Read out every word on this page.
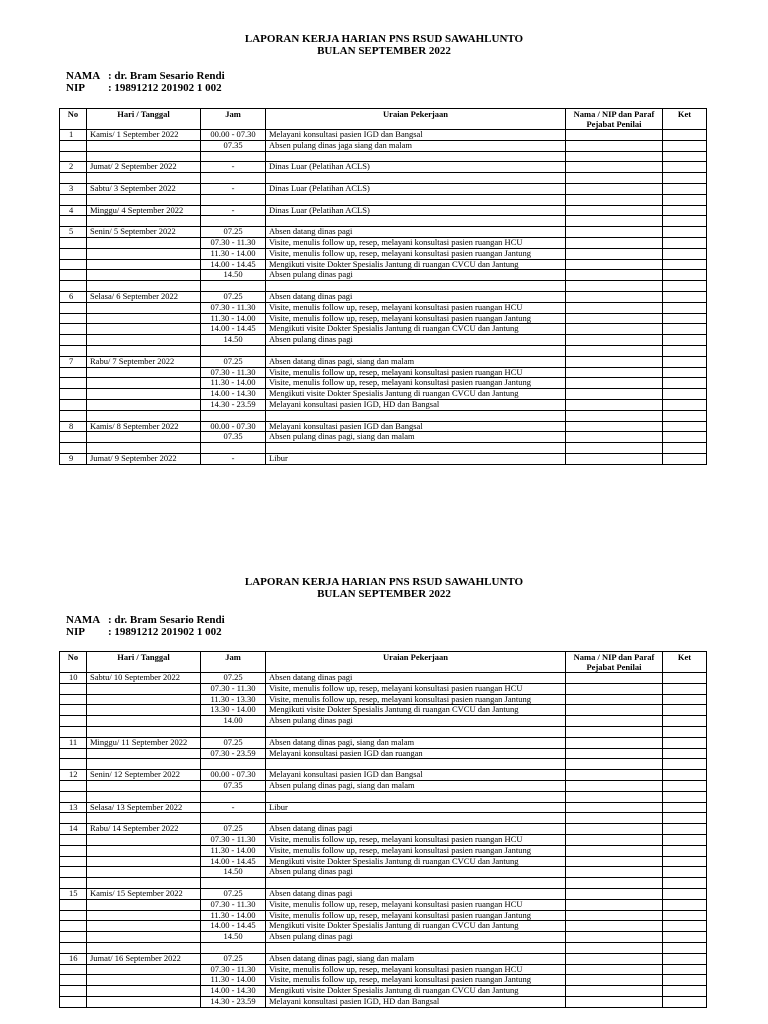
LAPORAN KERJA HARIAN PNS RSUD SAWAHLUNTO
BULAN SEPTEMBER 2022
NAMA : dr. Bram Sesario Rendi
NIP : 19891212 201902 1 002
No	Hari / Tanggal	Jam	Uraian Pekerjaan	Nama / NIP dan Paraf Pejabat Penilai	Ket
1	Kamis/ 1 September 2022	00.00 - 07.30	Melayani konsultasi pasien IGD dan Bangsal		
		07.35	Absen pulang dinas jaga siang dan malam		

2	Jumat/ 2 September 2022	-	Dinas Luar (Pelatihan ACLS)		

3	Sabtu/ 3 September 2022	-	Dinas Luar (Pelatihan ACLS)		

4	Minggu/ 4 September 2022	-	Dinas Luar (Pelatihan ACLS)		

5	Senin/ 5 September 2022	07.25	Absen datang dinas pagi		
		07.30 - 11.30	Visite, menulis follow up, resep, melayani konsultasi pasien ruangan HCU		
		11.30 - 14.00	Visite, menulis follow up, resep, melayani konsultasi pasien ruangan Jantung		
		14.00 - 14.45	Mengikuti visite Dokter Spesialis Jantung di ruangan CVCU dan Jantung		
		14.50	Absen pulang dinas pagi		

6	Selasa/ 6 September 2022	07.25	Absen datang dinas pagi		
		07.30 - 11.30	Visite, menulis follow up, resep, melayani konsultasi pasien ruangan HCU		
		11.30 - 14.00	Visite, menulis follow up, resep, melayani konsultasi pasien ruangan Jantung		
		14.00 - 14.45	Mengikuti visite Dokter Spesialis Jantung di ruangan CVCU dan Jantung		
		14.50	Absen pulang dinas pagi		

7	Rabu/ 7 September 2022	07.25	Absen datang dinas pagi, siang dan malam		
		07.30 - 11.30	Visite, menulis follow up, resep, melayani konsultasi pasien ruangan HCU		
		11.30 - 14.00	Visite, menulis follow up, resep, melayani konsultasi pasien ruangan Jantung		
		14.00 - 14.30	Mengikuti visite Dokter Spesialis Jantung di ruangan CVCU dan Jantung		
		14.30 - 23.59	Melayani konsultasi pasien IGD, HD dan Bangsal		

8	Kamis/ 8 September 2022	00.00 - 07.30	Melayani konsultasi pasien IGD dan Bangsal		
		07.35	Absen pulang dinas pagi, siang dan malam		

9	Jumat/ 9 September 2022	-	Libur		
LAPORAN KERJA HARIAN PNS RSUD SAWAHLUNTO
BULAN SEPTEMBER 2022
NAMA : dr. Bram Sesario Rendi
NIP : 19891212 201902 1 002
No	Hari / Tanggal	Jam	Uraian Pekerjaan	Nama / NIP dan Paraf Pejabat Penilai	Ket
10	Sabtu/ 10 September 2022	07.25	Absen datang dinas pagi		
		07.30 - 11.30	Visite, menulis follow up, resep, melayani konsultasi pasien ruangan HCU		
		11.30 - 13.30	Visite, menulis follow up, resep, melayani konsultasi pasien ruangan Jantung		
		13.30 - 14.00	Mengikuti visite Dokter Spesialis Jantung di ruangan CVCU dan Jantung		
		14.00	Absen pulang dinas pagi		

11	Minggu/ 11 September 2022	07.25	Absen datang dinas pagi, siang dan malam		
		07.30 - 23.59	Melayani konsultasi pasien IGD dan ruangan		

12	Senin/ 12 September 2022	00.00 - 07.30	Melayani konsultasi pasien IGD dan Bangsal		
		07.35	Absen pulang dinas pagi, siang dan malam		

13	Selasa/ 13 September 2022	-	Libur		

14	Rabu/ 14 September 2022	07.25	Absen datang dinas pagi		
		07.30 - 11.30	Visite, menulis follow up, resep, melayani konsultasi pasien ruangan HCU		
		11.30 - 14.00	Visite, menulis follow up, resep, melayani konsultasi pasien ruangan Jantung		
		14.00 - 14.45	Mengikuti visite Dokter Spesialis Jantung di ruangan CVCU dan Jantung		
		14.50	Absen pulang dinas pagi		

15	Kamis/ 15 September 2022	07.25	Absen datang dinas pagi		
		07.30 - 11.30	Visite, menulis follow up, resep, melayani konsultasi pasien ruangan HCU		
		11.30 - 14.00	Visite, menulis follow up, resep, melayani konsultasi pasien ruangan Jantung		
		14.00 - 14.45	Mengikuti visite Dokter Spesialis Jantung di ruangan CVCU dan Jantung		
		14.50	Absen pulang dinas pagi		

16	Jumat/ 16 September 2022	07.25	Absen datang dinas pagi, siang dan malam		
		07.30 - 11.30	Visite, menulis follow up, resep, melayani konsultasi pasien ruangan HCU		
		11.30 - 14.00	Visite, menulis follow up, resep, melayani konsultasi pasien ruangan Jantung		
		14.00 - 14.30	Mengikuti visite Dokter Spesialis Jantung di ruangan CVCU dan Jantung		
		14.30 - 23.59	Melayani konsultasi pasien IGD, HD dan Bangsal		
